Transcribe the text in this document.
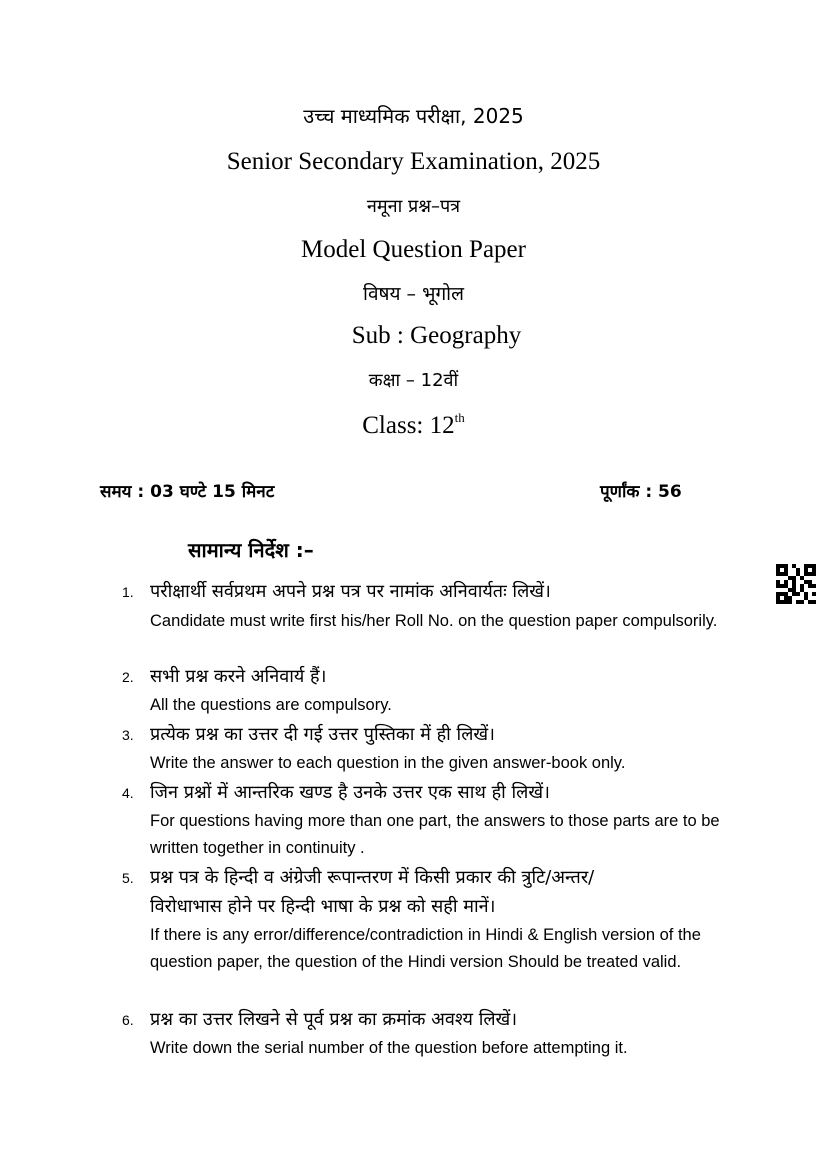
उच्च माध्यमिक परीक्षा, 2025
Senior Secondary Examination, 2025
नमूना प्रश्न–पत्र
Model Question Paper
विषय – भूगोल
Sub : Geography
कक्षा – 12वीं
Class: 12th
समय : 03 घण्टे 15 मिनट	पूर्णांक : 56
सामान्य निर्देश :–
1. परीक्षार्थी सर्वप्रथम अपने प्रश्न पत्र पर नामांक अनिवार्यतः लिखें।
Candidate must write first his/her Roll No. on the question paper compulsorily.
2. सभी प्रश्न करने अनिवार्य हैं।
All the questions are compulsory.
3. प्रत्येक प्रश्न का उत्तर दी गई उत्तर पुस्तिका में ही लिखें।
Write the answer to each question in the given answer-book only.
4. जिन प्रश्नों में आन्तरिक खण्ड है उनके उत्तर एक साथ ही लिखें।
For questions having more than one part, the answers to those parts are to be written together in continuity .
5. प्रश्न पत्र के हिन्दी व अंग्रेजी रूपान्तरण में किसी प्रकार की त्रुटि/अन्तर/
विरोधाभास होने पर हिन्दी भाषा के प्रश्न को सही मानें।
If there is any error/difference/contradiction in Hindi & English version of the question paper, the question of the Hindi version Should be treated valid.
6. प्रश्न का उत्तर लिखने से पूर्व प्रश्न का क्रमांक अवश्य लिखें।
Write down the serial number of the question before attempting it.
